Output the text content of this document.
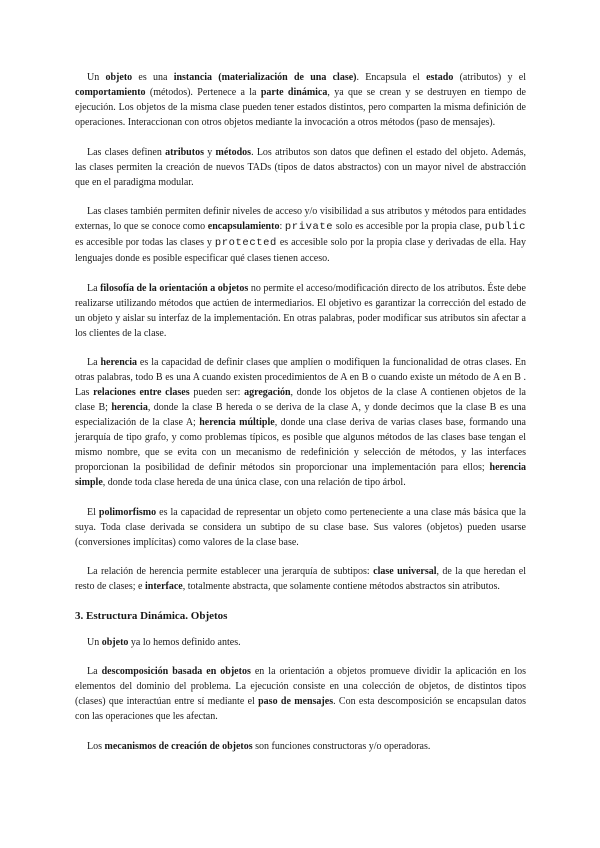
Un objeto es una instancia (materialización de una clase). Encapsula el estado (atributos) y el comportamiento (métodos). Pertenece a la parte dinámica, ya que se crean y se destruyen en tiempo de ejecución. Los objetos de la misma clase pueden tener estados distintos, pero comparten la misma definición de operaciones. Interaccionan con otros objetos mediante la invocación a otros métodos (paso de mensajes).

Las clases definen atributos y métodos. Los atributos son datos que definen el estado del objeto. Además, las clases permiten la creación de nuevos TADs (tipos de datos abstractos) con un mayor nivel de abstracción que en el paradigma modular.

Las clases también permiten definir niveles de acceso y/o visibilidad a sus atributos y métodos para entidades externas, lo que se conoce como encapsulamiento: private solo es accesible por la propia clase, public es accesible por todas las clases y protected es accesible solo por la propia clase y derivadas de ella. Hay lenguajes donde es posible especificar qué clases tienen acceso.

La filosofía de la orientación a objetos no permite el acceso/modificación directo de los atributos. Éste debe realizarse utilizando métodos que actúen de intermediarios. El objetivo es garantizar la corrección del estado de un objeto y aislar su interfaz de la implementación. En otras palabras, poder modificar sus atributos sin afectar a los clientes de la clase.

La herencia es la capacidad de definir clases que amplíen o modifiquen la funcionalidad de otras clases. En otras palabras, todo B es una A cuando existen procedimientos de A en B o cuando existe un método de A en B . Las relaciones entre clases pueden ser: agregación, donde los objetos de la clase A contienen objetos de la clase B; herencia, donde la clase B hereda o se deriva de la clase A, y donde decimos que la clase B es una especialización de la clase A; herencia múltiple, donde una clase deriva de varias clases base, formando una jerarquía de tipo grafo, y como problemas típicos, es posible que algunos métodos de las clases base tengan el mismo nombre, que se evita con un mecanismo de redefinición y selección de métodos, y las interfaces proporcionan la posibilidad de definir métodos sin proporcionar una implementación para ellos; herencia simple, donde toda clase hereda de una única clase, con una relación de tipo árbol.

El polimorfismo es la capacidad de representar un objeto como perteneciente a una clase más básica que la suya. Toda clase derivada se considera un subtipo de su clase base. Sus valores (objetos) pueden usarse (conversiones implícitas) como valores de la clase base.

La relación de herencia permite establecer una jerarquía de subtipos: clase universal, de la que heredan el resto de clases; e interface, totalmente abstracta, que solamente contiene métodos abstractos sin atributos.

3. Estructura Dinámica. Objetos

Un objeto ya lo hemos definido antes.

La descomposición basada en objetos en la orientación a objetos promueve dividir la aplicación en los elementos del dominio del problema. La ejecución consiste en una colección de objetos, de distintos tipos (clases) que interactúan entre sí mediante el paso de mensajes. Con esta descomposición se encapsulan datos con las operaciones que les afectan.

Los mecanismos de creación de objetos son funciones constructoras y/o operadoras.
